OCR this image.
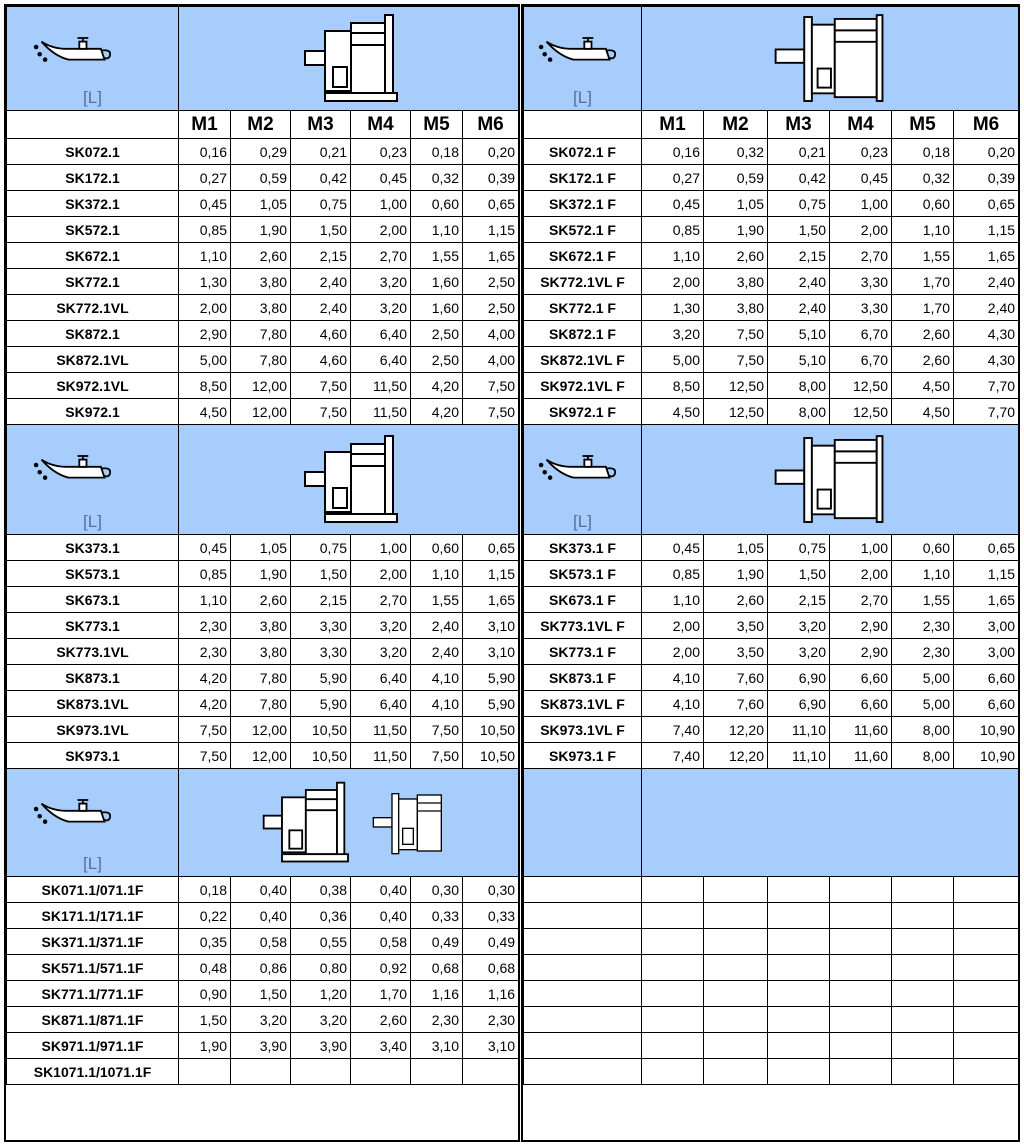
[L]

	M1	M2	M3	M4	M5	M6
SK072.1	0,16	0,29	0,21	0,23	0,18	0,20
SK172.1	0,27	0,59	0,42	0,45	0,32	0,39
SK372.1	0,45	1,05	0,75	1,00	0,60	0,65
SK572.1	0,85	1,90	1,50	2,00	1,10	1,15
SK672.1	1,10	2,60	2,15	2,70	1,55	1,65
SK772.1	1,30	3,80	2,40	3,20	1,60	2,50
SK772.1VL	2,00	3,80	2,40	3,20	1,60	2,50
SK872.1	2,90	7,80	4,60	6,40	2,50	4,00
SK872.1VL	5,00	7,80	4,60	6,40	2,50	4,00
SK972.1VL	8,50	12,00	7,50	11,50	4,20	7,50
SK972.1	4,50	12,00	7,50	11,50	4,20	7,50

[L]

SK373.1	0,45	1,05	0,75	1,00	0,60	0,65
SK573.1	0,85	1,90	1,50	2,00	1,10	1,15
SK673.1	1,10	2,60	2,15	2,70	1,55	1,65
SK773.1	2,30	3,80	3,30	3,20	2,40	3,10
SK773.1VL	2,30	3,80	3,30	3,20	2,40	3,10
SK873.1	4,20	7,80	5,90	6,40	4,10	5,90
SK873.1VL	4,20	7,80	5,90	6,40	4,10	5,90
SK973.1VL	7,50	12,00	10,50	11,50	7,50	10,50
SK973.1	7,50	12,00	10,50	11,50	7,50	10,50

[L]

SK071.1/071.1F	0,18	0,40	0,38	0,40	0,30	0,30
SK171.1/171.1F	0,22	0,40	0,36	0,40	0,33	0,33
SK371.1/371.1F	0,35	0,58	0,55	0,58	0,49	0,49
SK571.1/571.1F	0,48	0,86	0,80	0,92	0,68	0,68
SK771.1/771.1F	0,90	1,50	1,20	1,70	1,16	1,16
SK871.1/871.1F	1,50	3,20	3,20	2,60	2,30	2,30
SK971.1/971.1F	1,90	3,90	3,90	3,40	3,10	3,10
SK1071.1/1071.1F						
[L]

	M1	M2	M3	M4	M5	M6
SK072.1 F	0,16	0,32	0,21	0,23	0,18	0,20
SK172.1 F	0,27	0,59	0,42	0,45	0,32	0,39
SK372.1 F	0,45	1,05	0,75	1,00	0,60	0,65
SK572.1 F	0,85	1,90	1,50	2,00	1,10	1,15
SK672.1 F	1,10	2,60	2,15	2,70	1,55	1,65
SK772.1VL F	2,00	3,80	2,40	3,30	1,70	2,40
SK772.1 F	1,30	3,80	2,40	3,30	1,70	2,40
SK872.1 F	3,20	7,50	5,10	6,70	2,60	4,30
SK872.1VL F	5,00	7,50	5,10	6,70	2,60	4,30
SK972.1VL F	8,50	12,50	8,00	12,50	4,50	7,70
SK972.1 F	4,50	12,50	8,00	12,50	4,50	7,70

[L]

SK373.1 F	0,45	1,05	0,75	1,00	0,60	0,65
SK573.1 F	0,85	1,90	1,50	2,00	1,10	1,15
SK673.1 F	1,10	2,60	2,15	2,70	1,55	1,65
SK773.1VL F	2,00	3,50	3,20	2,90	2,30	3,00
SK773.1 F	2,00	3,50	3,20	2,90	2,30	3,00
SK873.1 F	4,10	7,60	6,90	6,60	5,00	6,60
SK873.1VL F	4,10	7,60	6,90	6,60	5,00	6,60
SK973.1VL F	7,40	12,20	11,10	11,60	8,00	10,90
SK973.1 F	7,40	12,20	11,10	11,60	8,00	10,90
